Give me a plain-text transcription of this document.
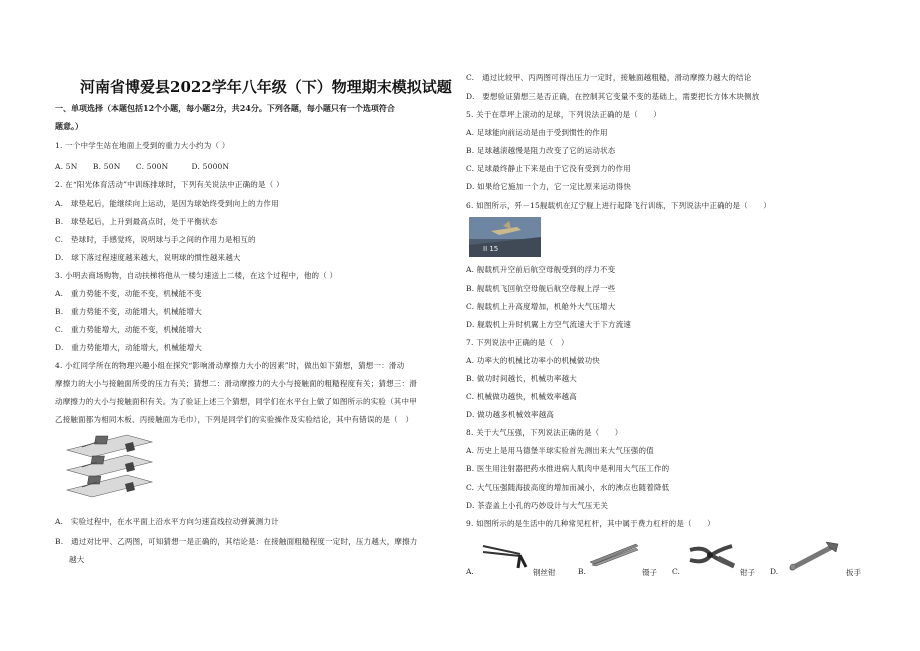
河南省博爱县2022学年八年级（下）物理期末模拟试题
一、单项选择（本题包括12个小题，每小题2分，共24分。下列各题，每小题只有一个选项符合
题意。）
1. 一个中学生站在地面上受到的重力大小约为（ ）
A. 5N　　B. 50N　　C. 500N　　　D. 5000N
2. 在“阳光体育活动”中训练排球时，下列有关说法中正确的是（ ）
A.　球垫起后，能继续向上运动，是因为球始终受到向上的力作用
B.　球垫起后，上升到最高点时，处于平衡状态
C.　垫球时，手感觉疼，说明球与手之间的作用力是相互的
D.　球下落过程速度越来越大，说明球的惯性越来越大
3. 小明去商场购物，自动扶梯将他从一楼匀速送上二楼，在这个过程中，他的（ ）
A.　重力势能不变，动能不变，机械能不变
B.　重力势能不变，动能增大，机械能增大
C.　重力势能增大，动能不变，机械能增大
D.　重力势能增大，动能增大，机械能增大
4. 小红同学所在的物理兴趣小组在探究“影响滑动摩擦力大小的因素”时，做出如下猜想，猜想一：滑动
摩擦力的大小与接触面所受的压力有关；猜想二：滑动摩擦力的大小与接触面的粗糙程度有关；猜想三：滑
动摩擦力的大小与接触面积有关。为了验证上述三个猜想，同学们在水平台上做了如图所示的实验（其中甲
乙接触面都为相同木板、丙接触面为毛巾），下列是同学们的实验操作及实验结论，其中有错误的是（　）
A.　实验过程中，在水平面上沿水平方向匀速直线拉动弹簧测力计
B.　通过对比甲、乙两图，可知猜想一是正确的，其结论是：在接触面粗糙程度一定时，压力越大，摩擦力
越大
C.　通过比较甲、丙两图可得出压力一定时，接触面越粗糙，滑动摩擦力越大的结论
D.　要想验证猜想三是否正确，在控制其它变量不变的基础上，需要把长方体木块侧放
5. 关于在草坪上滚动的足球，下列说法正确的是（　　）
A. 足球能向前运动是由于受到惯性的作用
B. 足球越滚越慢是阻力改变了它的运动状态
C. 足球最终静止下来是由于它没有受到力的作用
D. 如果给它施加一个力，它一定比原来运动得快
6. 如图所示，歼－15舰载机在辽宁舰上进行起降飞行训练，下列说法中正确的是（　　）
II 15
A. 舰载机升空前后航空母舰受到的浮力不变
B. 舰载机飞回航空母舰后航空母舰上浮一些
C. 舰载机上升高度增加，机舱外大气压增大
D. 舰载机上升时机翼上方空气流速大于下方流速
7. 下列说法中正确的是（　）
A. 功率大的机械比功率小的机械做功快
B. 做功时间越长，机械功率越大
C. 机械做功越快，机械效率越高
D. 做功越多机械效率越高
8. 关于大气压强，下列说法正确的是（　　）
A. 历史上是用马德堡半球实验首先测出来大气压强的值
B. 医生用注射器把药水推进病人肌肉中是利用大气压工作的
C. 大气压强随海拔高度的增加而减小，水的沸点也随着降低
D. 茶壶盖上小孔的巧妙设计与大气压无关
9. 如图所示的是生活中的几种常见杠杆，其中属于费力杠杆的是（　　）
A.	钢丝钳	B.	镊子 C.	钳子 D.	扳手
